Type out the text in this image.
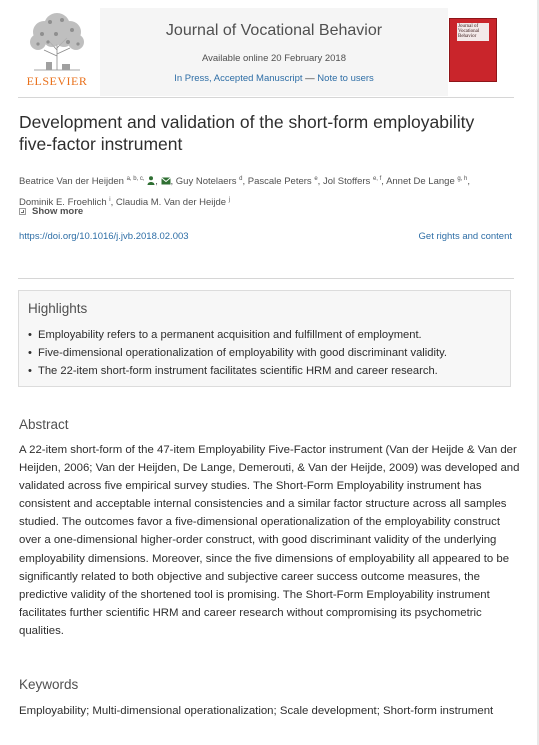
ELSEVIER
Journal of Vocational Behavior
Available online 20 February 2018
In Press, Accepted Manuscript — Note to users
Journal of Vocational Behavior
Development and validation of the short-form employability five-factor instrument
Beatrice Van der Heijden $^{a, b, c,}$ , , Guy Notelaers $^d$, Pascale Peters $^e$, Jol Stoffers $^{e, f}$, Annet De Lange $^{g, h}$,
Dominik E. Froehlich $^i$, Claudia M. Van der Heijde $^j$
Show more
https://doi.org/10.1016/j.jvb.2018.02.003	Get rights and content
Highlights
• Employability refers to a permanent acquisition and fulfillment of employment.
• Five-dimensional operationalization of employability with good discriminant validity.
• The 22-item short-form instrument facilitates scientific HRM and career research.
Abstract

A 22-item short-form of the 47-item Employability Five-Factor instrument (Van der Heijde & Van der Heijden, 2006; Van der Heijden, De Lange, Demerouti, & Van der Heijde, 2009) was developed and validated across five empirical survey studies. The Short-Form Employability instrument has consistent and acceptable internal consistencies and a similar factor structure across all samples studied. The outcomes favor a five-dimensional operationalization of the employability construct over a one-dimensional higher-order construct, with good discriminant validity of the underlying employability dimensions. Moreover, since the five dimensions of employability all appeared to be significantly related to both objective and subjective career success outcome measures, the predictive validity of the shortened tool is promising. The Short-Form Employability instrument facilitates further scientific HRM and career research without compromising its psychometric qualities.

Keywords

Employability; Multi-dimensional operationalization; Scale development; Short-form instrument
